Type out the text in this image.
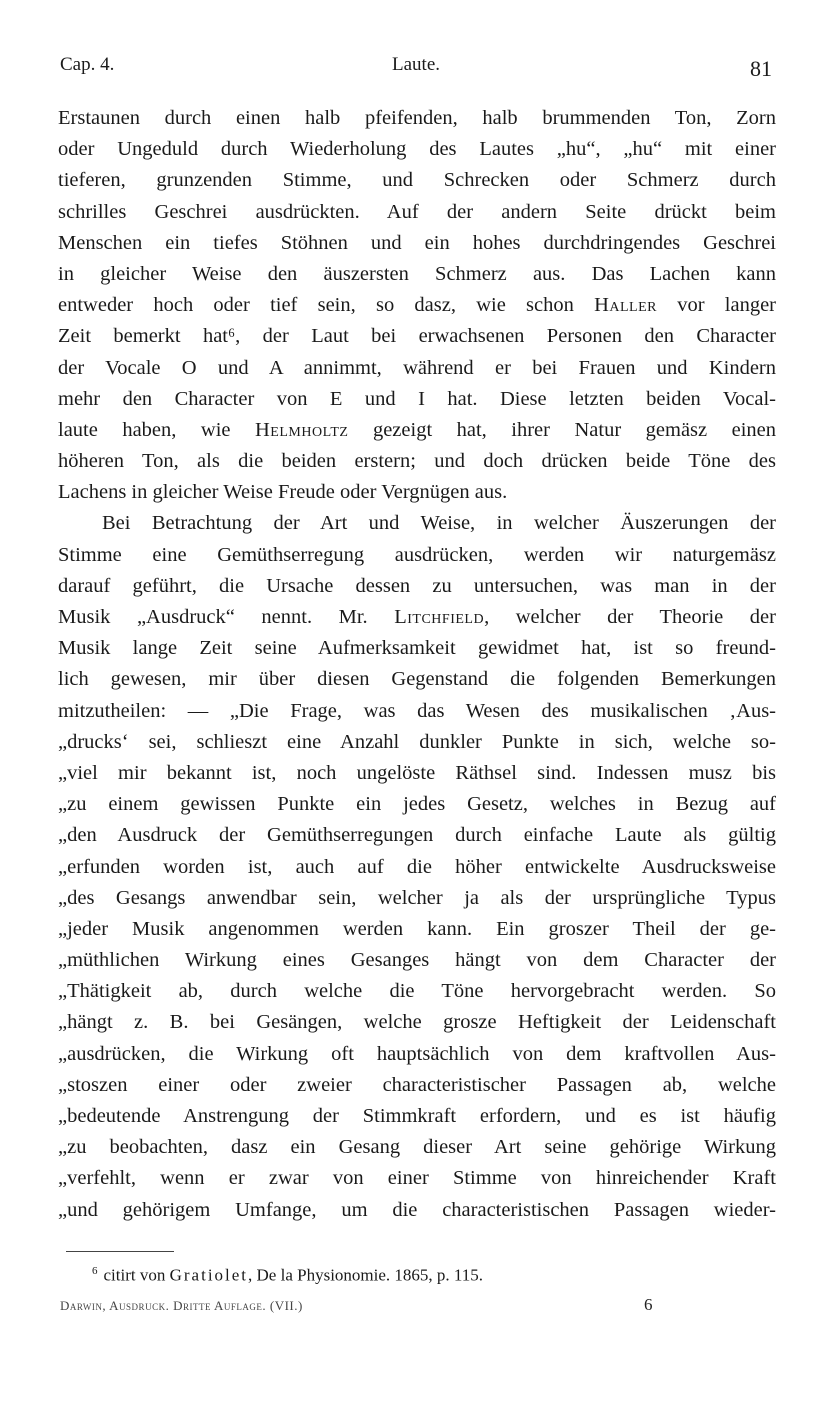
Cap. 4.	Laute.	81
Erstaunen durch einen halb pfeifenden, halb brummenden Ton, Zorn
oder Ungeduld durch Wiederholung des Lautes „hu“, „hu“ mit einer
tieferen, grunzenden Stimme, und Schrecken oder Schmerz durch
schrilles Geschrei ausdrückten. Auf der andern Seite drückt beim
Menschen ein tiefes Stöhnen und ein hohes durchdringendes Geschrei
in gleicher Weise den äuszersten Schmerz aus. Das Lachen kann
entweder hoch oder tief sein, so dasz, wie schon Haller vor langer
Zeit bemerkt hat⁶, der Laut bei erwachsenen Personen den Character
der Vocale O und A annimmt, während er bei Frauen und Kindern
mehr den Character von E und I hat. Diese letzten beiden Vocal-
laute haben, wie Helmholtz gezeigt hat, ihrer Natur gemäsz einen
höheren Ton, als die beiden erstern; und doch drücken beide Töne des
Lachens in gleicher Weise Freude oder Vergnügen aus.
Bei Betrachtung der Art und Weise, in welcher Äuszerungen der
Stimme eine Gemüthserregung ausdrücken, werden wir naturgemäsz
darauf geführt, die Ursache dessen zu untersuchen, was man in der
Musik „Ausdruck“ nennt. Mr. Litchfield, welcher der Theorie der
Musik lange Zeit seine Aufmerksamkeit gewidmet hat, ist so freund-
lich gewesen, mir über diesen Gegenstand die folgenden Bemerkungen
mitzutheilen: — „Die Frage, was das Wesen des musikalischen ‚Aus-
„drucks‘ sei, schlieszt eine Anzahl dunkler Punkte in sich, welche so-
„viel mir bekannt ist, noch ungelöste Räthsel sind. Indessen musz bis
„zu einem gewissen Punkte ein jedes Gesetz, welches in Bezug auf
„den Ausdruck der Gemüthserregungen durch einfache Laute als gültig
„erfunden worden ist, auch auf die höher entwickelte Ausdrucksweise
„des Gesangs anwendbar sein, welcher ja als der ursprüngliche Typus
„jeder Musik angenommen werden kann. Ein groszer Theil der ge-
„müthlichen Wirkung eines Gesanges hängt von dem Character der
„Thätigkeit ab, durch welche die Töne hervorgebracht werden. So
„hängt z. B. bei Gesängen, welche grosze Heftigkeit der Leidenschaft
„ausdrücken, die Wirkung oft hauptsächlich von dem kraftvollen Aus-
„stoszen einer oder zweier characteristischer Passagen ab, welche
„bedeutende Anstrengung der Stimmkraft erfordern, und es ist häufig
„zu beobachten, dasz ein Gesang dieser Art seine gehörige Wirkung
„verfehlt, wenn er zwar von einer Stimme von hinreichender Kraft
„und gehörigem Umfange, um die characteristischen Passagen wieder-
$^6$ citirt von Gratiolet, De la Physionomie. 1865, p. 115.
Darwin, Ausdruck. Dritte Auflage. (VII.)	6
